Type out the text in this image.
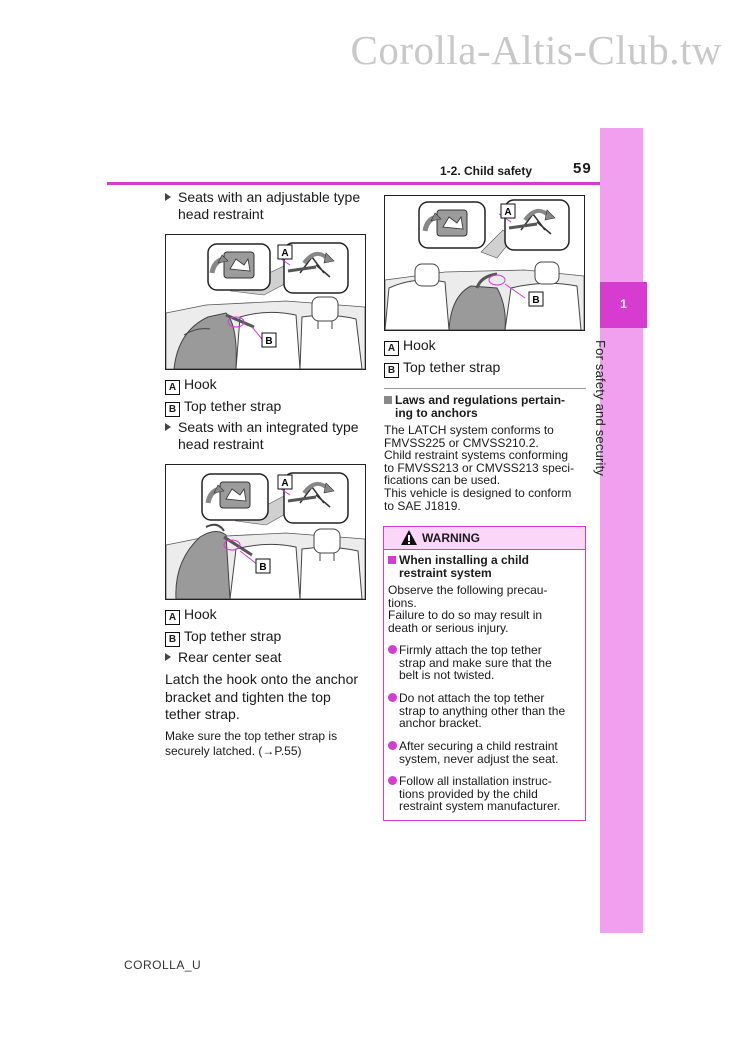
Corolla-Altis-Club.tw
1
For safety and security
1-2. Child safety	59
Seats with an adjustable type
head restraint
A
B
A Hook
B Top tether strap
Seats with an integrated type
head restraint
A
B
A Hook
B Top tether strap
Rear center seat
Latch the hook onto the anchor
bracket and tighten the top
tether strap.
Make sure the top tether strap is
securely latched. (→P.55)
A
B
A Hook
B Top tether strap
Laws and regulations pertain-
ing to anchors
The LATCH system conforms to
FMVSS225 or CMVSS210.2.
Child restraint systems conforming
to FMVSS213 or CMVSS213 speci-
fications can be used.
This vehicle is designed to conform
to SAE J1819.
WARNING
When installing a child
restraint system
Observe the following precau-
tions.
Failure to do so may result in
death or serious injury.
Firmly attach the top tether
strap and make sure that the
belt is not twisted.
Do not attach the top tether
strap to anything other than the
anchor bracket.
After securing a child restraint
system, never adjust the seat.
Follow all installation instruc-
tions provided by the child
restraint system manufacturer.
COROLLA_U
